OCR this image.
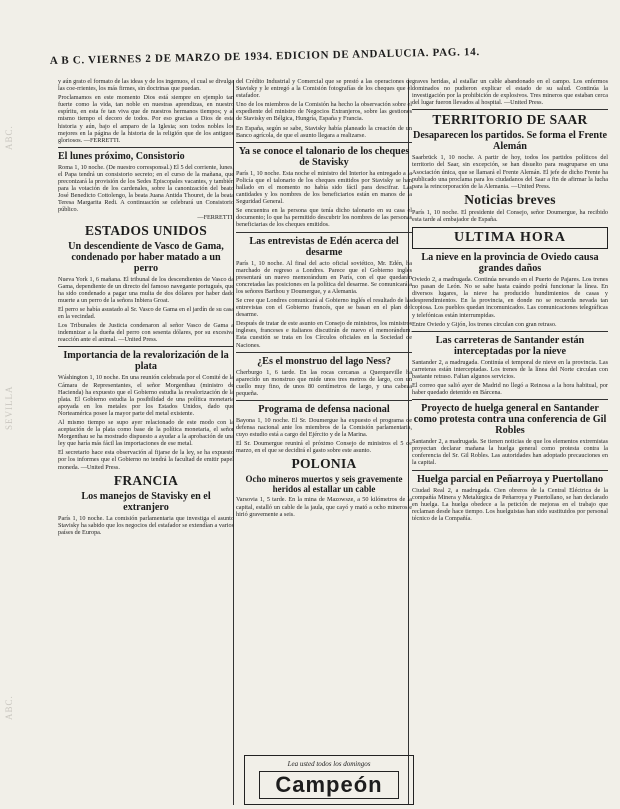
ABC.
SEVILLA
ABC.
A B C. VIERNES 2 DE MARZO DE 1934. EDICION DE ANDALUCIA. PAG. 14.

y aún grato el formato de las ideas y de los ingenuos, el cual se divulga las coe-rrientes, los más firmes, sin doctrinas que puedan.

Proclamamos en este momento Dios está siempre en ejemplo tan fuerte como la vida, tan noble en nuestras aprendizas, en nuestro espíritu, en esta fe tan viva que de nuestros hermanos tiempos; y al mismo tiempo el decoro de todos. Por eso gracias a Dios de esta historia y aún, bajo el amparo de la Iglesia; son todos nobles los mejores en la página de la historia de la religión que de los antiguos gloriosos. —FERRETTI.

El lunes próximo, Consistorio

Roma 1, 10 noche. (De nuestro corresponsal.) El 5 del corriente, lunes, el Papa tendrá un consistorio secreto; en el curso de la mañana, que preconizará la provisión de los Sedes Episcopales vacantes, y también para la votación de los cardenales, sobre la canonización del beato José Benedicto Cottolengo, la beata Juana Antida Thouret, de la beata Teresa Margarita Redi. A continuación se celebrará un Consistorio público.
—FERRETTI.

ESTADOS UNIDOS
Un descendiente de Vasco de Gama, condenado por haber matado a un perro

Nueva York 1, 6 mañana. El tribunal de los descendientes de Vasco da Gama, dependiente de un directo del famoso navegante portugués, que ha sido condenado a pagar una multa de dos dólares por haber dado muerte a un perro de la señora Inbiera Groat.

El perro se había asustado al Sr. Vasco de Gama en el jardín de su casa en la vecindad.

Los Tribunales de Justicia condenaron al señor Vasco de Gama a indemnizar a la dueña del perro con sesenta dólares, por su excesiva reacción ante el animal. —United Press.

Importancia de la revalorización de la plata

Wáshington 1, 10 noche. En una reunión celebrada por el Comité de la Cámara de Representantes, el señor Morgenthau (ministro de Hacienda) ha expuesto que el Gobierno estudia la revalorización de la plata. El Gobierno estudia la posibilidad de una política monetaria apoyada en los metales por los Estados Unidos, dado que Norteamérica posee la mayor parte del metal existente.

Al mismo tiempo se supo ayer relacionado de este modo con la aceptación de la plata como base de la política monetaria, el señor Morgenthau se ha mostrado dispuesto a ayudar a la aprobación de una ley que haría más fácil las importaciones de ese metal.

El secretario hace esta observación al fijarse de la ley, se ha expuesto por los informes que el Gobierno no tendrá la facultad de emitir papel moneda. —United Press.

FRANCIA
Los manejos de Stavisky en el extranjero

París 1, 10 noche. La comisión parlamentaria que investiga el asunto Stavisky ha sabido que los negocios del estafador se extendían a varios países de Europa.

del Crédito Industrial y Comercial que se prestó a las operaciones de Stavisky y le entregó a la Comisión fotografías de los cheques que el estafador.

Uno de los miembros de la Comisión ha hecho la observación sobre el expediente del ministro de Negocios Extranjeros, sobre las gestiones de Stavisky en Bélgica, Hungría, España y Francia.

En España, según se sabe, Stavisky había planeado la creación de un Banco agrícola, de que el asunto llegara a realizarse.

Ya se conoce el talonario de los cheques de Stavisky

París 1, 10 noche. Esta noche el ministro del Interior ha entregado a la Policía que el talonario de los cheques emitidos por Stavisky se han hallado en el momento no había sido fácil para descifrar. Las cantidades y los nombres de los beneficiarios están en manos de la Seguridad General.

Se encuentra en la persona que tenía dicho talonario en su casa el documento; lo que ha permitido descubrir los nombres de las personas beneficiarias de los cheques emitidos.

Las entrevistas de Edén acerca del desarme

París 1, 10 noche. Al final del acto oficial soviético, Mr. Edén, ha marchado de regreso a Londres. Parece que el Gobierno inglés presentará un nuevo memorándum en París, con el que quedarán concretadas las posiciones en la política del desarme. Se comunicará a los señores Barthou y Doumergue, y a Alemania.

Se cree que Londres comunicará al Gobierno inglés el resultado de las entrevistas con el Gobierno francés, que se basan en el plan del desarme.

Después de tratar de este asunto en Consejo de ministros, los ministros ingleses, franceses e italianos discutirán de nuevo el memorándum. Esta cuestión se trata en los Círculos oficiales en la Sociedad de Naciones.

¿Es el monstruo del lago Ness?

Cherburgo 1, 6 tarde. En las rocas cercanas a Querqueville ha aparecido un monstruo que mide unos tres metros de largo, con un cuello muy fino, de unos 80 centímetros de largo, y una cabeza pequeña.

Programa de defensa nacional

Bayona 1, 10 noche. El Sr. Doumergue ha expuesto el programa de defensa nacional ante los miembros de la Comisión parlamentaria, cuyo estudio está a cargo del Ejército y de la Marina.

El Sr. Doumergue reunirá el próximo Consejo de ministros el 5 de marzo, en el que se decidirá el gasto sobre este asunto.

POLONIA
Ocho mineros muertos y seis gravemente heridos al estallar un cable

Varsovia 1, 5 tarde. En la mina de Mazowsze, a 50 kilómetros de la capital, estalló un cable de la jaula, que cayó y mató a ocho mineros e hirió gravemente a seis.

graves heridas, al estallar un cable abandonado en el campo. Los enfermos dominados no pudieron explicar el estado de su salud. Continúa la investigación por la prohibición de explosivos. Tres mineros que estaban cerca del lugar fueron llevados al hospital. —United Press.

TERRITORIO DE SAAR
Desaparecen los partidos. Se forma el Frente Alemán

Saarbrück 1, 10 noche. A partir de hoy, todos los partidos políticos del territorio del Saar, sin excepción, se han disuelto para reagruparse en una Asociación única, que se llamará el Frente Alemán. El jefe de dicho Frente ha publicado una proclama para los ciudadanos del Saar a fin de afirmar la lucha para la reincorporación de la Alemania. —United Press.

Noticias breves

París 1, 10 noche. El presidente del Consejo, señor Doumergue, ha recibido esta tarde al embajador de España.

ULTIMA HORA
La nieve en la provincia de Oviedo causa grandes daños

Oviedo 2, a madrugada. Continúa nevando en el Puerto de Pajares. Los trenes no pasan de León. No se sabe hasta cuándo podrá funcionar la línea. En diversos lugares, la nieve ha producido hundimientos de casas y desprendimientos. En la provincia, en donde no se recuerda nevada tan copiosa. Los pueblos quedan incomunicados. Las comunicaciones telegráficas y telefónicas están interrumpidas.

Entre Oviedo y Gijón, los trenes circulan con gran retraso.

Las carreteras de Santander están interceptadas por la nieve

Santander 2, a madrugada. Continúa el temporal de nieve en la provincia. Las carreteras están interceptadas. Los trenes de la línea del Norte circulan con bastante retraso. Faltan algunos servicios.

El correo que salió ayer de Madrid no llegó a Reinosa a la hora habitual, por haber quedado detenido en Bárcena.

Proyecto de huelga general en Santander como protesta contra una conferencia de Gil Robles

Santander 2, a madrugada. Se tienen noticias de que los elementos extremistas proyectan declarar mañana la huelga general como protesta contra la conferencia del Sr. Gil Robles. Las autoridades han adoptado precauciones en la capital.

Huelga parcial en Peñarroya y Puertollano

Ciudad Real 2, a madrugada. Cien obreros de la Central Eléctrica de la compañía Minera y Metalúrgica de Peñarroya y Puertollano, se han declarado en huelga. La huelga obedece a la petición de mejoras en el trabajo que reclaman desde hace tiempo. Los huelguistas han sido sustituidos por personal técnico de la Compañía.

Lea usted todos los domingos
Campeón
